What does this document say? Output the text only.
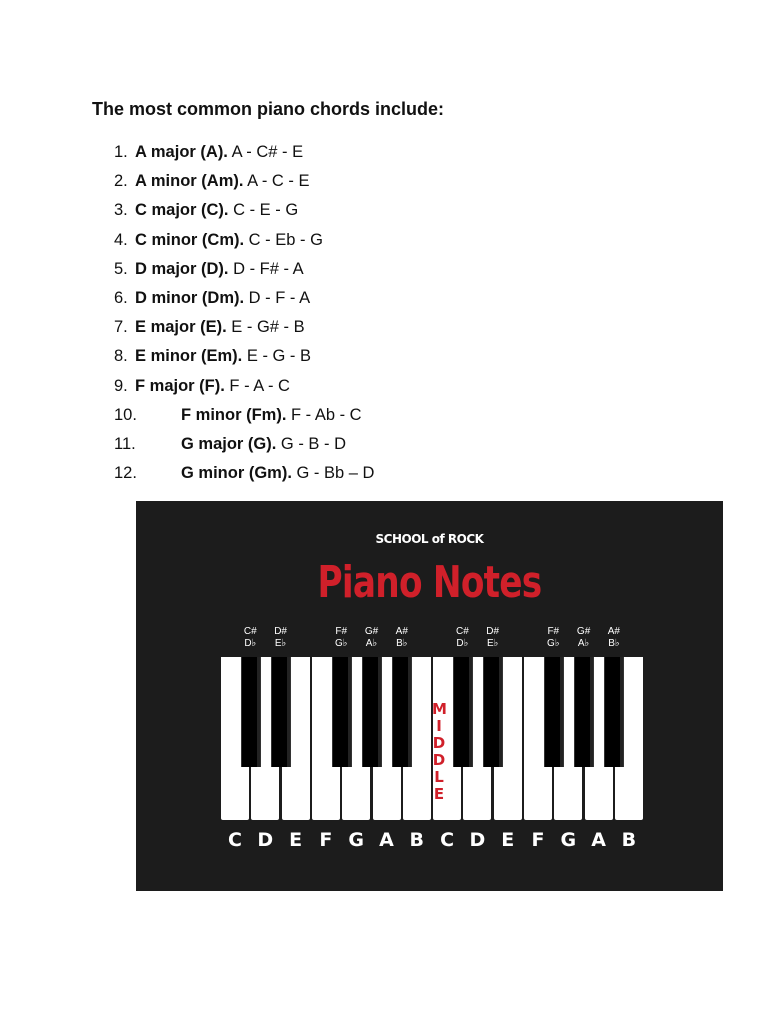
The most common piano chords include:
1. A major (A). A - C# - E
2. A minor (Am). A - C - E
3. C major (C). C - E - G
4. C minor (Cm). C - Eb - G
5. D major (D). D - F# - A
6. D minor (Dm). D - F - A
7. E major (E). E - G# - B
8. E minor (Em). E - G - B
9. F major (F). F - A - C
10.	F minor (Fm). F - Ab - C
11.	G major (G). G - B - D
12.	G minor (Gm). G - Bb – D
SCHOOL of ROCK
Piano Notes
C#
D♭
D#
E♭
F#
G♭
G#
A♭
A#
B♭
C#
D♭
D#
E♭
F#
G♭
G#
A♭
A#
B♭
M
I
D
D
L
E
C D E F G A B C D E F G A B
